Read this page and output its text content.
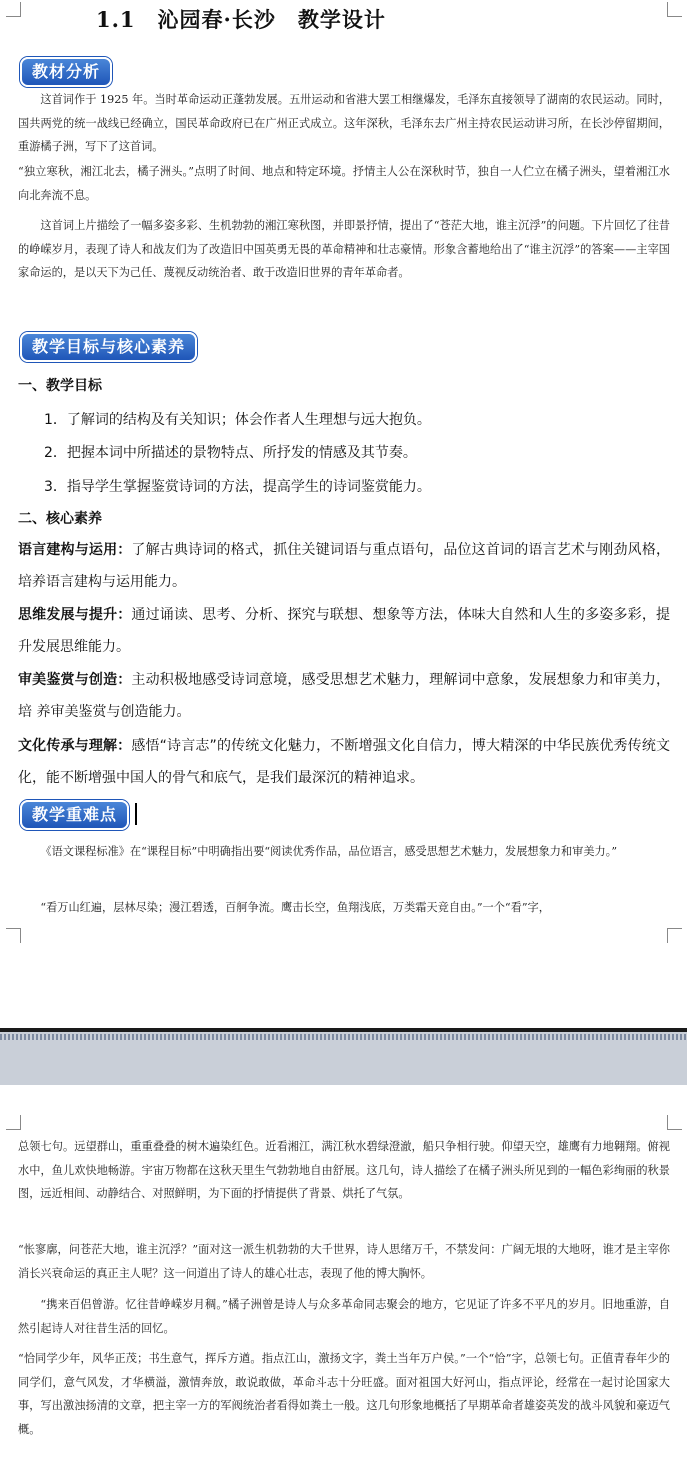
1.1　沁园春·长沙　教学设计
教材分析
这首词作于 1925 年。当时革命运动正蓬勃发展。五卅运动和省港大罢工相继爆发，毛泽东直接领导了湖南的农民运动。同时，国共两党的统一战线已经确立，国民革命政府已在广州正式成立。这年深秋，毛泽东去广州主持农民运动讲习所，在长沙停留期间，重游橘子洲，写下了这首词。
“独立寒秋，湘江北去，橘子洲头。”点明了时间、地点和特定环境。抒情主人公在深秋时节，独自一人伫立在橘子洲头，望着湘江水向北奔流不息。
这首词上片描绘了一幅多姿多彩、生机勃勃的湘江寒秋图，并即景抒情，提出了“苍茫大地，谁主沉浮”的问题。下片回忆了往昔的峥嵘岁月，表现了诗人和战友们为了改造旧中国英勇无畏的革命精神和壮志豪情。形象含蓄地给出了“谁主沉浮”的答案——主宰国家命运的，是以天下为己任、蔑视反动统治者、敢于改造旧世界的青年革命者。
教学目标与核心素养
一、教学目标
1．了解词的结构及有关知识；体会作者人生理想与远大抱负。
2．把握本词中所描述的景物特点、所抒发的情感及其节奏。
3．指导学生掌握鉴赏诗词的方法，提高学生的诗词鉴赏能力。
二、核心素养
语言建构与运用：了解古典诗词的格式，抓住关键词语与重点语句，品位这首词的语言艺术与刚劲风格，培养语言建构与运用能力。
思维发展与提升：通过诵读、思考、分析、探究与联想、想象等方法，体味大自然和人生的多姿多彩，提升发展思维能力。
审美鉴赏与创造：主动积极地感受诗词意境，感受思想艺术魅力，理解词中意象，发展想象力和审美力，培 养审美鉴赏与创造能力。
文化传承与理解：感悟“诗言志”的传统文化魅力，不断增强文化自信力，博大精深的中华民族优秀传统文化，能不断增强中国人的骨气和底气，是我们最深沉的精神追求。
教学重难点
《语文课程标准》在“课程目标”中明确指出要“阅读优秀作品，品位语言，感受思想艺术魅力，发展想象力和审美力。”
“看万山红遍，层林尽染；漫江碧透，百舸争流。鹰击长空，鱼翔浅底，万类霜天竞自由。”一个“看”字，
总领七句。远望群山，重重叠叠的树木遍染红色。近看湘江，满江秋水碧绿澄澈，船只争相行驶。仰望天空，雄鹰有力地翱翔。俯视水中，鱼儿欢快地畅游。宇宙万物都在这秋天里生气勃勃地自由舒展。这几句，诗人描绘了在橘子洲头所见到的一幅色彩绚丽的秋景图，远近相间、动静结合、对照鲜明，为下面的抒情提供了背景、烘托了气氛。
“怅寥廓，问苍茫大地，谁主沉浮？”面对这一派生机勃勃的大千世界，诗人思绪万千，不禁发问：广阔无垠的大地呀，谁才是主宰你消长兴衰命运的真正主人呢？这一问道出了诗人的雄心壮志，表现了他的博大胸怀。
“携来百侣曾游。忆往昔峥嵘岁月稠。”橘子洲曾是诗人与众多革命同志聚会的地方，它见证了许多不平凡的岁月。旧地重游，自然引起诗人对往昔生活的回忆。
“恰同学少年，风华正茂；书生意气，挥斥方遒。指点江山，激扬文字，粪土当年万户侯。”一个“恰”字，总领七句。正值青春年少的同学们，意气风发，才华横溢，激情奔放，敢说敢做，革命斗志十分旺盛。面对祖国大好河山，指点评论，经常在一起讨论国家大事，写出激浊扬清的文章，把主宰一方的军阀统治者看得如粪土一般。这几句形象地概括了早期革命者雄姿英发的战斗风貌和豪迈气概。
